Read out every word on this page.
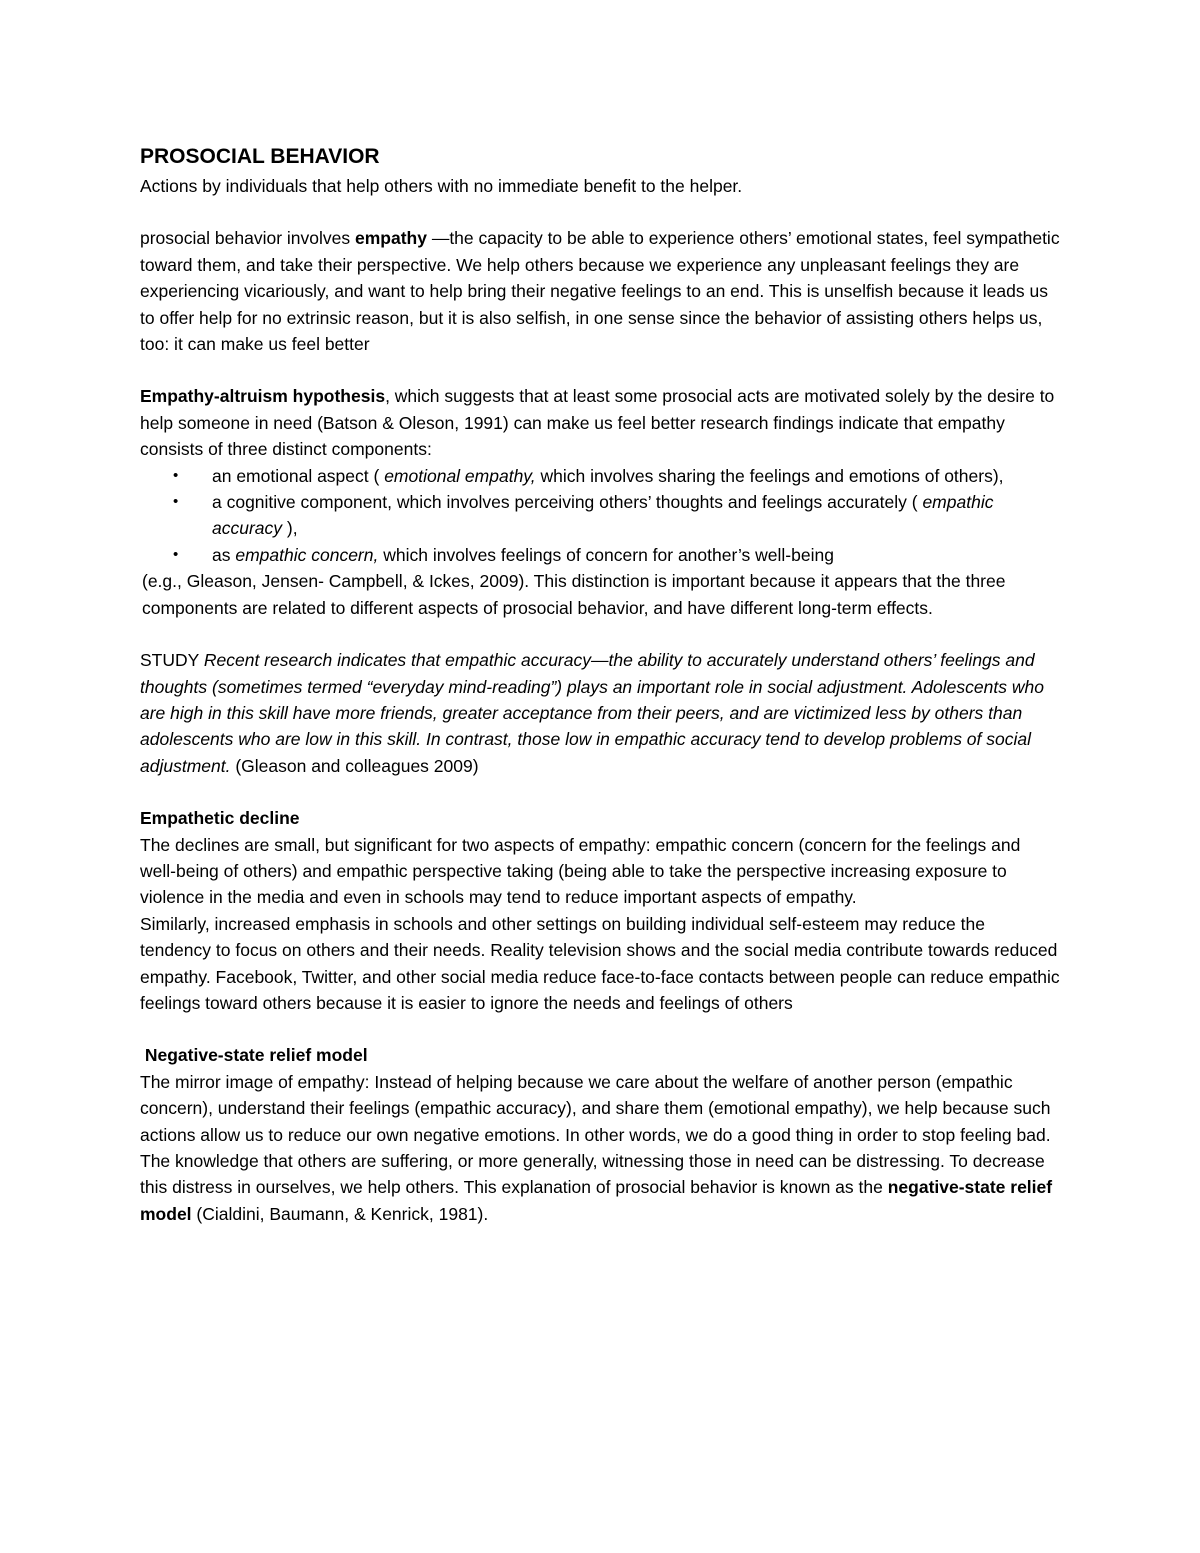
PROSOCIAL BEHAVIOR

Actions by individuals that help others with no immediate benefit to the helper.

prosocial behavior involves empathy —the capacity to be able to experience others’ emotional states, feel sympathetic toward them, and take their perspective. We help others because we experience any unpleasant feelings they are experiencing vicariously, and want to help bring their negative feelings to an end. This is unselfish because it leads us to offer help for no extrinsic reason, but it is also selfish, in one sense since the behavior of assisting others helps us, too: it can make us feel better

Empathy-altruism hypothesis, which suggests that at least some prosocial acts are motivated solely by the desire to help someone in need (Batson & Oleson, 1991) can make us feel better research findings indicate that empathy consists of three distinct components:

• an emotional aspect ( emotional empathy, which involves sharing the feelings and emotions of others),
• a cognitive component, which involves perceiving others’ thoughts and feelings accurately ( empathic accuracy ),
• as empathic concern, which involves feelings of concern for another’s well-being

(e.g., Gleason, Jensen- Campbell, & Ickes, 2009). This distinction is important because it appears that the three components are related to different aspects of prosocial behavior, and have different long-term effects.

STUDY Recent research indicates that empathic accuracy—the ability to accurately understand others’ feelings and thoughts (sometimes termed “everyday mind-reading”) plays an important role in social adjustment. Adolescents who are high in this skill have more friends, greater acceptance from their peers, and are victimized less by others than adolescents who are low in this skill. In contrast, those low in empathic accuracy tend to develop problems of social adjustment. (Gleason and colleagues 2009)

Empathetic decline

The declines are small, but significant for two aspects of empathy: empathic concern (concern for the feelings and well-being of others) and empathic perspective taking (being able to take the perspective increasing exposure to violence in the media and even in schools may tend to reduce important aspects of empathy.

Similarly, increased emphasis in schools and other settings on building individual self-esteem may reduce the tendency to focus on others and their needs. Reality television shows and the social media contribute towards reduced empathy. Facebook, Twitter, and other social media reduce face-to-face contacts between people can reduce empathic feelings toward others because it is easier to ignore the needs and feelings of others

Negative-state relief model

The mirror image of empathy: Instead of helping because we care about the welfare of another person (empathic concern), understand their feelings (empathic accuracy), and share them (emotional empathy), we help because such actions allow us to reduce our own negative emotions. In other words, we do a good thing in order to stop feeling bad. The knowledge that others are suffering, or more generally, witnessing those in need can be distressing. To decrease this distress in ourselves, we help others. This explanation of prosocial behavior is known as the negative-state relief model (Cialdini, Baumann, & Kenrick, 1981).
